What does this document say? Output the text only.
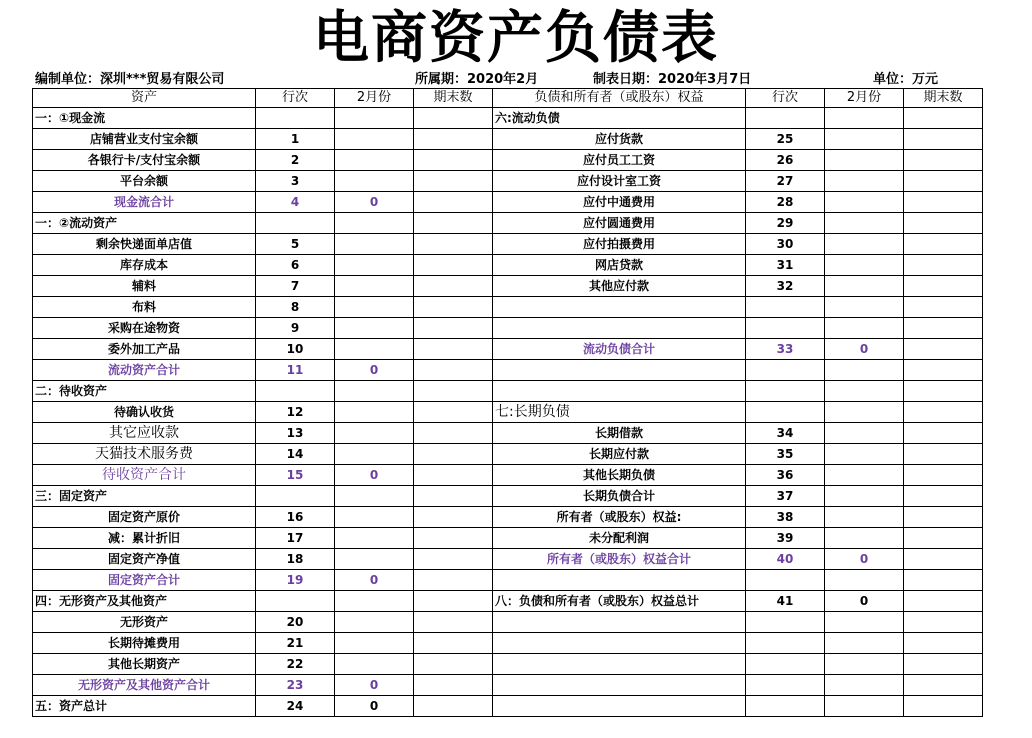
电商资产负债表
编制单位：深圳***贸易有限公司	所属期：2020年2月	制表日期：2020年3月7日	单位：万元
资产	行次	2月份	期末数	负债和所有者（或股东）权益	行次	2月份	期末数
一：①现金流				六:流动负债			
店铺营业支付宝余额	1			应付货款	25		
各银行卡/支付宝余额	2			应付员工工资	26		
平台余额	3			应付设计室工资	27		
现金流合计	4	0		应付中通费用	28		
一：②流动资产				应付圆通费用	29		
剩余快递面单店值	5			应付拍摄费用	30		
库存成本	6			网店贷款	31		
辅料	7			其他应付款	32		
布料	8						
采购在途物资	9						
委外加工产品	10			流动负债合计	33	0	
流动资产合计	11	0					
二：待收资产							
待确认收货	12			七:长期负债			
其它应收款	13			长期借款	34		
天猫技术服务费	14			长期应付款	35		
待收资产合计	15	0		其他长期负债	36		
三：固定资产				长期负债合计	37		
固定资产原价	16			所有者（或股东）权益:	38		
减：累计折旧	17			未分配利润	39		
固定资产净值	18			所有者（或股东）权益合计	40	0	
固定资产合计	19	0					
四：无形资产及其他资产				八：负债和所有者（或股东）权益总计	41	0	
无形资产	20						
长期待摊费用	21						
其他长期资产	22						
无形资产及其他资产合计	23	0					
五：资产总计	24	0					
